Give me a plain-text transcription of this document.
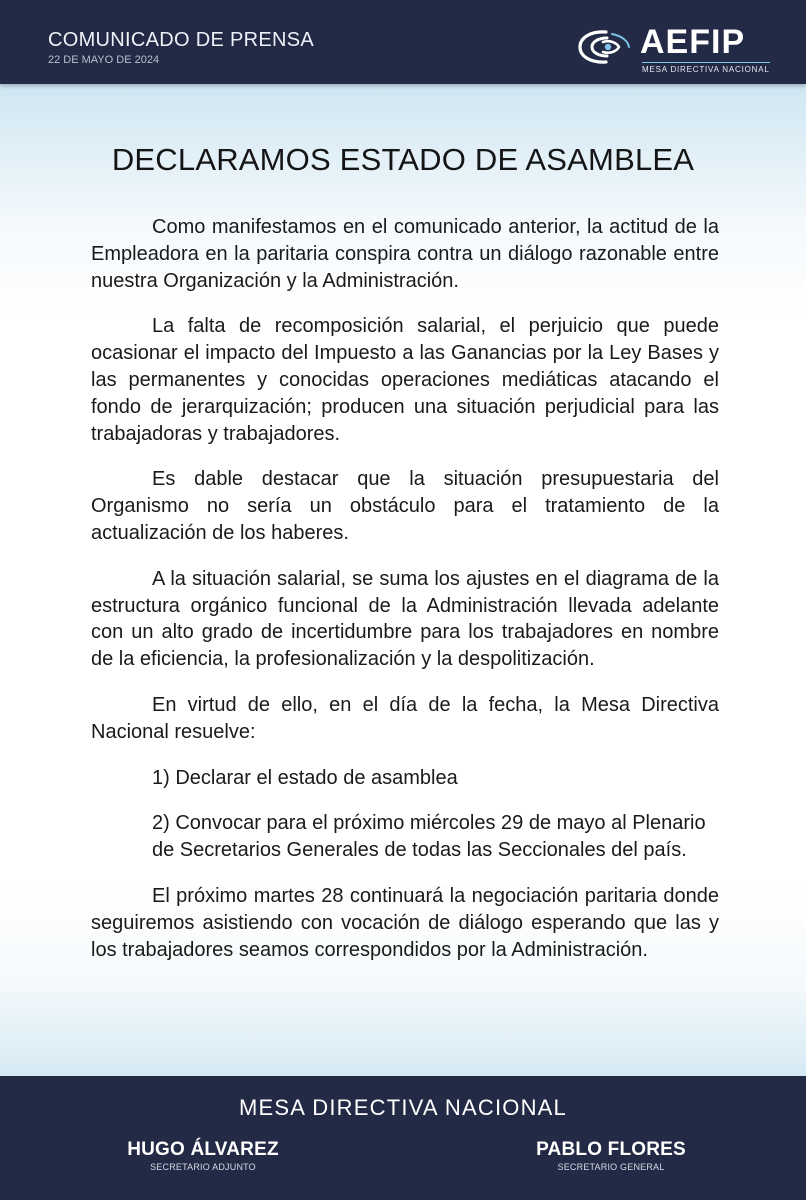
COMUNICADO DE PRENSA
22 DE MAYO DE 2024	AEFIP
MESA DIRECTIVA NACIONAL
DECLARAMOS ESTADO DE ASAMBLEA

Como manifestamos en el comunicado anterior, la actitud de la Empleadora en la paritaria conspira contra un diálogo razonable entre nuestra Organización y la Administración.

La falta de recomposición salarial, el perjuicio que puede ocasionar el impacto del Impuesto a las Ganancias por la Ley Bases y las permanentes y conocidas operaciones mediáticas atacando el fondo de jerarquización; producen una situación perjudicial para las trabajadoras y trabajadores.

Es dable destacar que la situación presupuestaria del Organismo no sería un obstáculo para el tratamiento de la actualización de los haberes.

A la situación salarial, se suma los ajustes en el diagrama de la estructura orgánico funcional de la Administración llevada adelante con un alto grado de incertidumbre para los trabajadores en nombre de la eficiencia, la profesionalización y la despolitización.

En virtud de ello, en el día de la fecha, la Mesa Directiva Nacional resuelve:

1) Declarar el estado de asamblea

2) Convocar para el próximo miércoles 29 de mayo al Plenario de Secretarios Generales de todas las Seccionales del país.

El próximo martes 28 continuará la negociación paritaria donde seguiremos asistiendo con vocación de diálogo esperando que las y los trabajadores seamos correspondidos por la Administración.

MESA DIRECTIVA NACIONAL
HUGO ÁLVAREZ
SECRETARIO ADJUNTO
PABLO FLORES
SECRETARIO GENERAL
